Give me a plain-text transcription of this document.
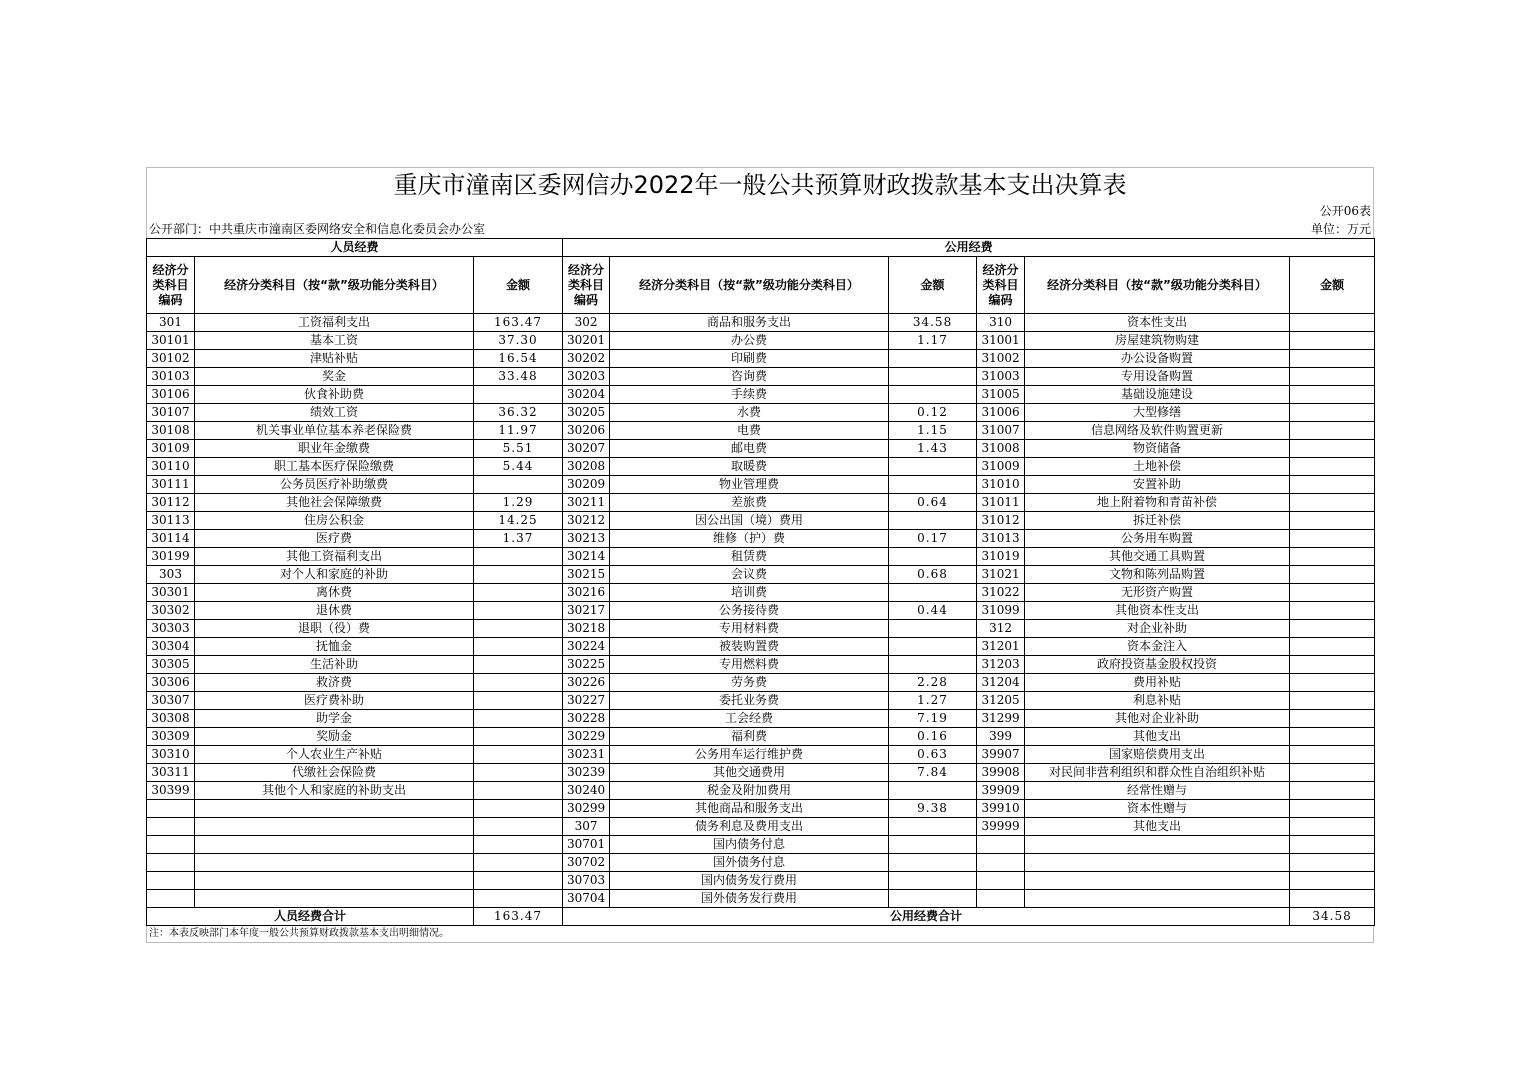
重庆市潼南区委网信办2022年一般公共预算财政拨款基本支出决算表
公开06表
公开部门：中共重庆市潼南区委网络安全和信息化委员会办公室	单位：万元
人员经费			公用经费					
经济分类科目编码	经济分类科目（按“款”级功能分类科目）	金额	经济分类科目编码	经济分类科目（按“款”级功能分类科目）	金额	经济分类科目编码	经济分类科目（按“款”级功能分类科目）	金额
301	工资福利支出	163.47	302	商品和服务支出	34.58	310	资本性支出	
30101	基本工资	37.30	30201	办公费	1.17	31001	房屋建筑物购建	
30102	津贴补贴	16.54	30202	印刷费		31002	办公设备购置	
30103	奖金	33.48	30203	咨询费		31003	专用设备购置	
30106	伙食补助费		30204	手续费		31005	基础设施建设	
30107	绩效工资	36.32	30205	水费	0.12	31006	大型修缮	
30108	机关事业单位基本养老保险费	11.97	30206	电费	1.15	31007	信息网络及软件购置更新	
30109	职业年金缴费	5.51	30207	邮电费	1.43	31008	物资储备	
30110	职工基本医疗保险缴费	5.44	30208	取暖费		31009	土地补偿	
30111	公务员医疗补助缴费		30209	物业管理费		31010	安置补助	
30112	其他社会保障缴费	1.29	30211	差旅费	0.64	31011	地上附着物和青苗补偿	
30113	住房公积金	14.25	30212	因公出国（境）费用		31012	拆迁补偿	
30114	医疗费	1.37	30213	维修（护）费	0.17	31013	公务用车购置	
30199	其他工资福利支出		30214	租赁费		31019	其他交通工具购置	
303	对个人和家庭的补助		30215	会议费	0.68	31021	文物和陈列品购置	
30301	离休费		30216	培训费		31022	无形资产购置	
30302	退休费		30217	公务接待费	0.44	31099	其他资本性支出	
30303	退职（役）费		30218	专用材料费		312	对企业补助	
30304	抚恤金		30224	被装购置费		31201	资本金注入	
30305	生活补助		30225	专用燃料费		31203	政府投资基金股权投资	
30306	救济费		30226	劳务费	2.28	31204	费用补贴	
30307	医疗费补助		30227	委托业务费	1.27	31205	利息补贴	
30308	助学金		30228	工会经费	7.19	31299	其他对企业补助	
30309	奖励金		30229	福利费	0.16	399	其他支出	
30310	个人农业生产补贴		30231	公务用车运行维护费	0.63	39907	国家赔偿费用支出	
30311	代缴社会保险费		30239	其他交通费用	7.84	39908	对民间非营利组织和群众性自治组织补贴	
30399	其他个人和家庭的补助支出		30240	税金及附加费用		39909	经常性赠与	
			30299	其他商品和服务支出	9.38	39910	资本性赠与	
			307	债务利息及费用支出		39999	其他支出	
			30701	国内债务付息				
			30702	国外债务付息				
			30703	国内债务发行费用				
			30704	国外债务发行费用				
人员经费合计		163.47	公用经费合计					34.58
注：本表反映部门本年度一般公共预算财政拨款基本支出明细情况。
